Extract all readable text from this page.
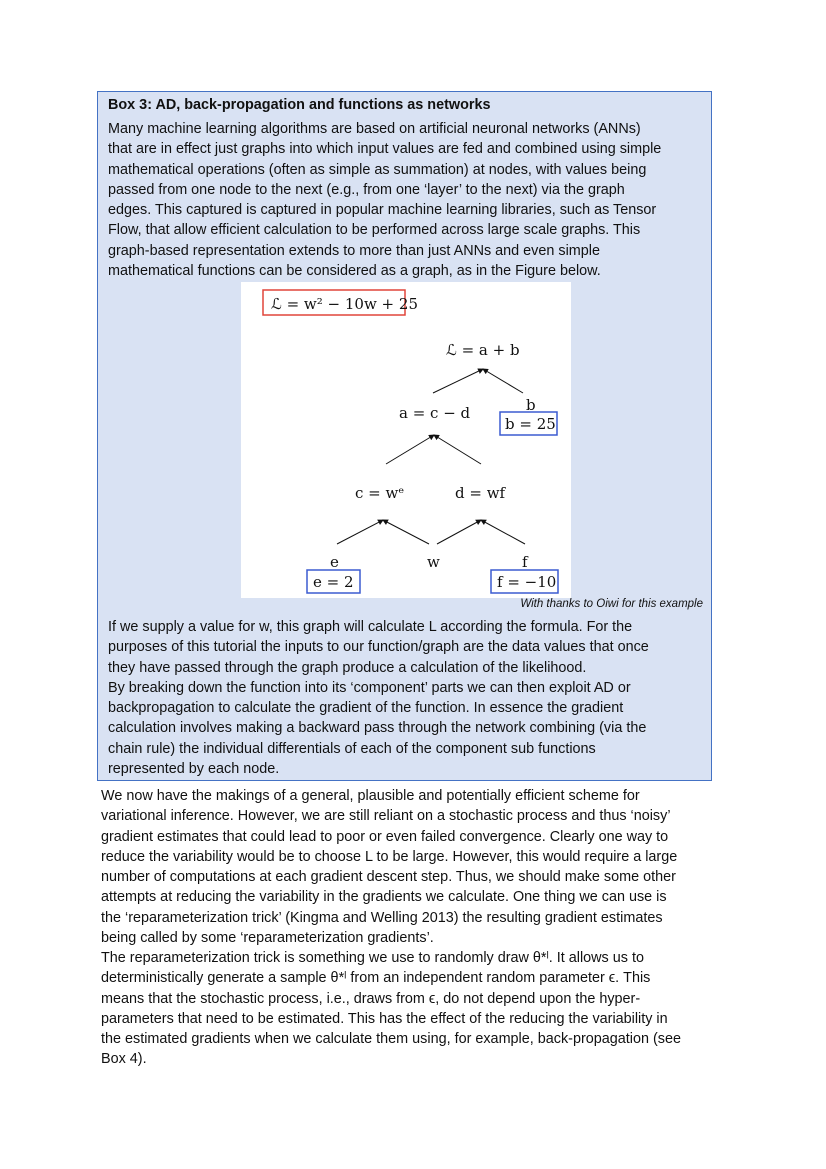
Box 3: AD, back-propagation and functions as networks
Many machine learning algorithms are based on artificial neuronal networks (ANNs)
that are in effect just graphs into which input values are fed and combined using simple
mathematical operations (often as simple as summation) at nodes, with values being
passed from one node to the next (e.g., from one ‘layer’ to the next) via the graph
edges. This captured is captured in popular machine learning libraries, such as Tensor
Flow, that allow efficient calculation to be performed across large scale graphs. This
graph-based representation extends to more than just ANNs and even simple
mathematical functions can be considered as a graph, as in the Figure below.
ℒ = w² − 10w + 25
ℒ = a + b
a = c − d	b
b = 25
c = wᵉ	d = wf
e
e = 2
w	f
f = −10
With thanks to Oiwi for this example
If we supply a value for w, this graph will calculate L according the formula. For the
purposes of this tutorial the inputs to our function/graph are the data values that once
they have passed through the graph produce a calculation of the likelihood.
By breaking down the function into its ‘component’ parts we can then exploit AD or
backpropagation to calculate the gradient of the function. In essence the gradient
calculation involves making a backward pass through the network combining (via the
chain rule) the individual differentials of each of the component sub functions
represented by each node.
We now have the makings of a general, plausible and potentially efficient scheme for
variational inference. However, we are still reliant on a stochastic process and thus ‘noisy’
gradient estimates that could lead to poor or even failed convergence. Clearly one way to
reduce the variability would be to choose L to be large. However, this would require a large
number of computations at each gradient descent step. Thus, we should make some other
attempts at reducing the variability in the gradients we calculate. One thing we can use is
the ‘reparameterization trick’ (Kingma and Welling 2013) the resulting gradient estimates
being called by some ‘reparameterization gradients’.
The reparameterization trick is something we use to randomly draw θ*ˡ. It allows us to
deterministically generate a sample θ*ˡ from an independent random parameter ϵ. This
means that the stochastic process, i.e., draws from ϵ, do not depend upon the hyper-
parameters that need to be estimated. This has the effect of the reducing the variability in
the estimated gradients when we calculate them using, for example, back-propagation (see
Box 4).
